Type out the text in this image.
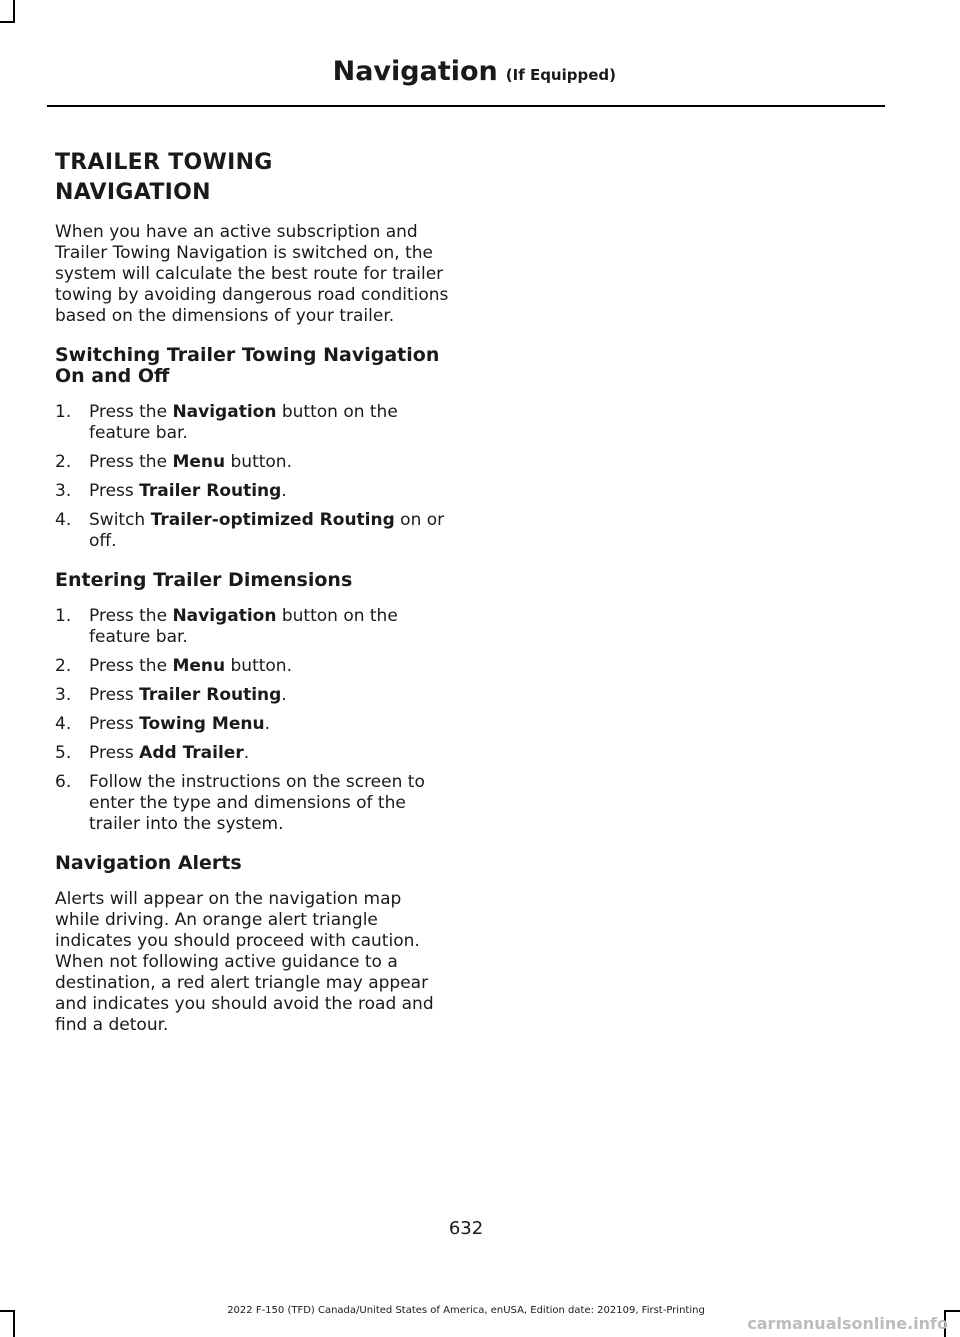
Navigation (If Equipped)
TRAILER TOWING
NAVIGATION

When you have an active subscription and Trailer Towing Navigation is switched on, the system will calculate the best route for trailer towing by avoiding dangerous road conditions based on the dimensions of your trailer.

Switching Trailer Towing Navigation On and Off
1. Press the Navigation button on the feature bar.
2. Press the Menu button.
3. Press Trailer Routing.
4. Switch Trailer-optimized Routing on or off.
Entering Trailer Dimensions
1. Press the Navigation button on the feature bar.
2. Press the Menu button.
3. Press Trailer Routing.
4. Press Towing Menu.
5. Press Add Trailer.
6. Follow the instructions on the screen to enter the type and dimensions of the trailer into the system.
Navigation Alerts

Alerts will appear on the navigation map while driving. An orange alert triangle indicates you should proceed with caution. When not following active guidance to a destination, a red alert triangle may appear and indicates you should avoid the road and find a detour.

632
2022 F-150 (TFD) Canada/United States of America, enUSA, Edition date: 202109, First-Printing
carmanualsonline.info
